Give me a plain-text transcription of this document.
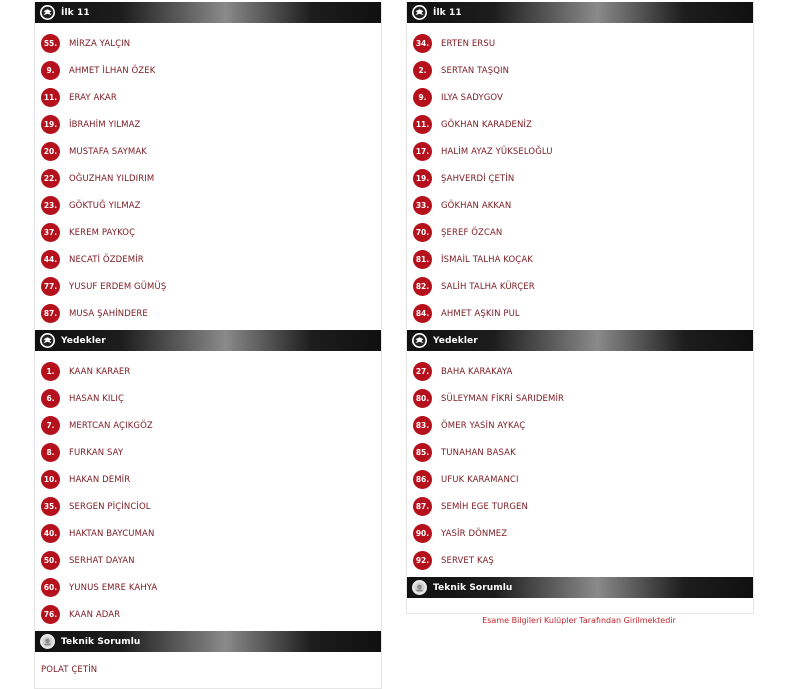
İlk 11
55.	MİRZA YALÇIN
9.	AHMET İLHAN ÖZEK
11.	ERAY AKAR
19.	İBRAHİM YILMAZ
20.	MUSTAFA SAYMAK
22.	OĞUZHAN YILDIRIM
23.	GÖKTUĞ YILMAZ
37.	KEREM PAYKOÇ
44.	NECATİ ÖZDEMİR
77.	YUSUF ERDEM GÜMÜŞ
87.	MUSA ŞAHİNDERE
Yedekler
1.	KAAN KARAER
6.	HASAN KILIÇ
7.	MERTCAN AÇIKGÖZ
8.	FURKAN SAY
10.	HAKAN DEMİR
35.	SERGEN PİÇİNCİOL
40.	HAKTAN BAYCUMAN
50.	SERHAT DAYAN
60.	YUNUS EMRE KAHYA
76.	KAAN ADAR
Teknik Sorumlu
POLAT ÇETİN
İlk 11
34.	ERTEN ERSU
2.	SERTAN TAŞQIN
9.	ILYA SADYGOV
11.	GÖKHAN KARADENİZ
17.	HALİM AYAZ YÜKSELOĞLU
19.	ŞAHVERDİ ÇETİN
33.	GÖKHAN AKKAN
70.	ŞEREF ÖZCAN
81.	İSMAİL TALHA KOÇAK
82.	SALİH TALHA KÜRÇER
84.	AHMET AŞKIN PUL
Yedekler
27.	BAHA KARAKAYA
80.	SÜLEYMAN FİKRİ SARIDEMİR
83.	ÖMER YASİN AYKAÇ
85.	TUNAHAN BASAK
86.	UFUK KARAMANCI
87.	SEMİH EGE TURGEN
90.	YASİR DÖNMEZ
92.	SERVET KAŞ
Teknik Sorumlu
Esame Bilgileri Kulüpler Tarafından Girilmektedir
